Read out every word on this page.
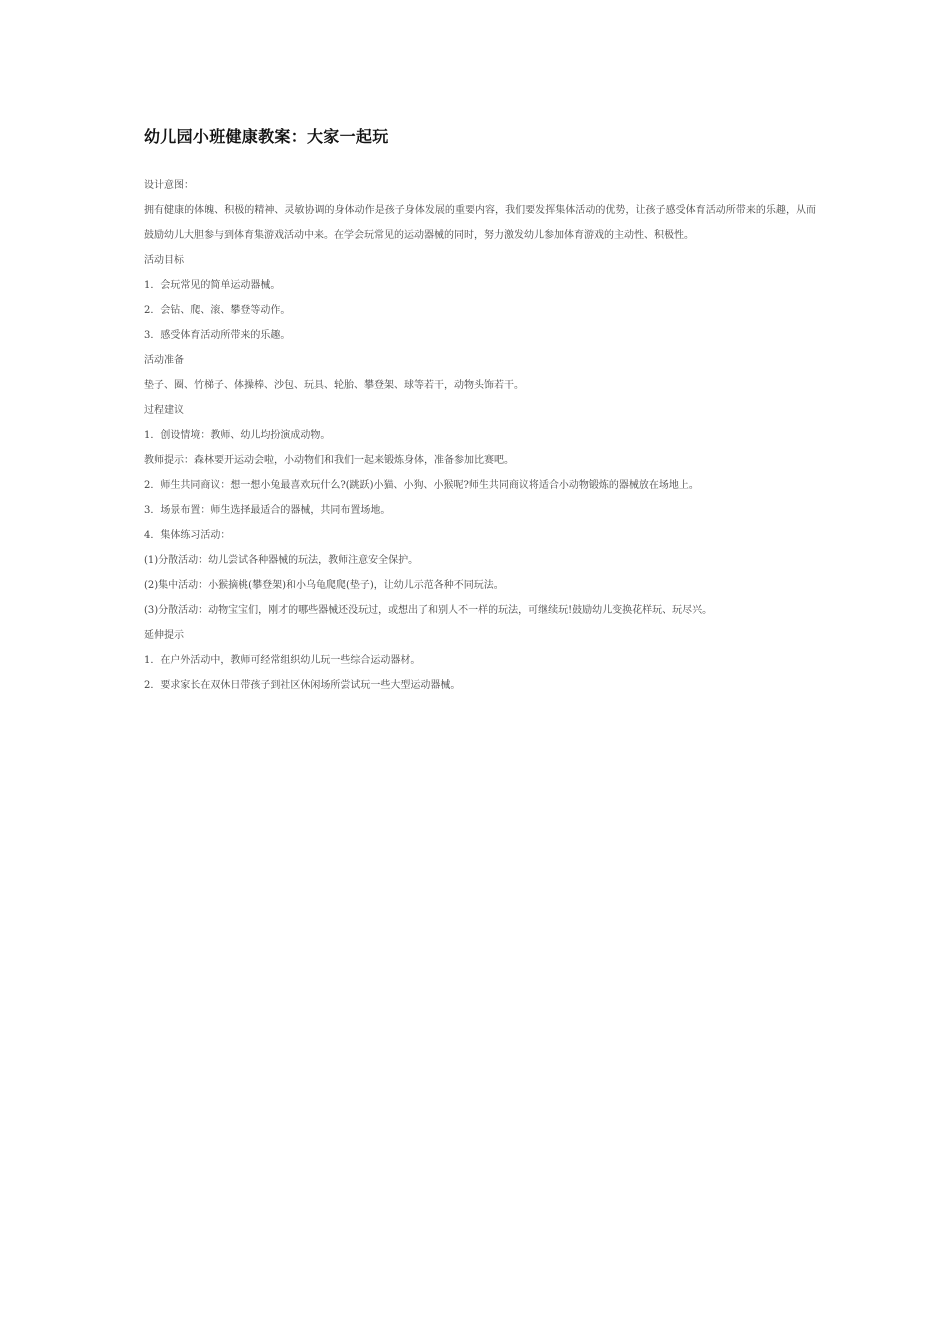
幼儿园小班健康教案：大家一起玩

设计意图：

拥有健康的体魄、积极的精神、灵敏协调的身体动作是孩子身体发展的重要内容，我们要发挥集体活动的优势，让孩子感受体育活动所带来的乐趣，从而鼓励幼儿大胆参与到体育集游戏活动中来。在学会玩常见的运动器械的同时，努力激发幼儿参加体育游戏的主动性、积极性。

活动目标

1．会玩常见的简单运动器械。

2．会钻、爬、滚、攀登等动作。

3．感受体育活动所带来的乐趣。

活动准备

垫子、圈、竹梯子、体操棒、沙包、玩具、轮胎、攀登架、球等若干，动物头饰若干。

过程建议

1．创设情境：教师、幼儿均扮演成动物。

教师提示：森林要开运动会啦，小动物们和我们一起来锻炼身体，准备参加比赛吧。

2．师生共同商议：想一想小兔最喜欢玩什么?(跳跃)小猫、小狗、小猴呢?师生共同商议将适合小动物锻炼的器械放在场地上。

3．场景布置：师生选择最适合的器械，共同布置场地。

4．集体练习活动：

(1)分散活动：幼儿尝试各种器械的玩法，教师注意安全保护。

(2)集中活动：小猴摘桃(攀登架)和小乌龟爬爬(垫子)，让幼儿示范各种不同玩法。

(3)分散活动：动物宝宝们，刚才的哪些器械还没玩过，或想出了和别人不一样的玩法，可继续玩!鼓励幼儿变换花样玩、玩尽兴。

延伸提示

1．在户外活动中，教师可经常组织幼儿玩一些综合运动器材。

2．要求家长在双休日带孩子到社区休闲场所尝试玩一些大型运动器械。
